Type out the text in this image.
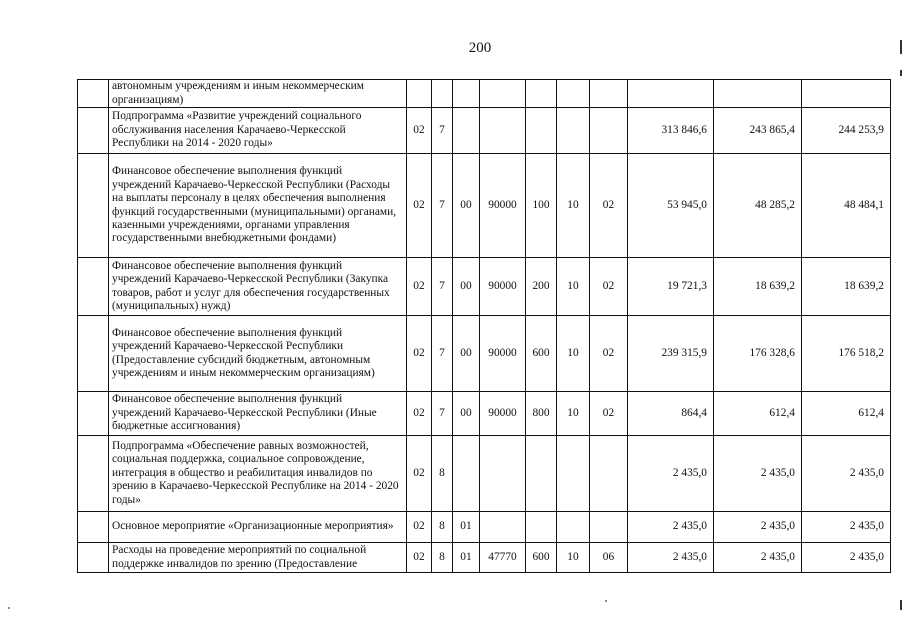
200
	автономным учреждениям и иным некоммерческим организациям)										
	Подпрограмма «Развитие учреждений социального обслуживания населения Карачаево-Черкесской Республики на 2014 - 2020 годы»	02	7						313 846,6	243 865,4	244 253,9
	Финансовое обеспечение выполнения функций учреждений Карачаево-Черкесской Республики (Расходы на выплаты персоналу в целях обеспечения выполнения функций государственными (муниципальными) органами, казенными учреждениями, органами управления государственными внебюджетными фондами)	02	7	00	90000	100	10	02	53 945,0	48 285,2	48 484,1
	Финансовое обеспечение выполнения функций учреждений Карачаево-Черкесской Республики (Закупка товаров, работ и услуг для обеспечения государственных (муниципальных) нужд)	02	7	00	90000	200	10	02	19 721,3	18 639,2	18 639,2
	Финансовое обеспечение выполнения функций учреждений Карачаево-Черкесской Республики (Предоставление субсидий бюджетным, автономным учреждениям и иным некоммерческим организациям)	02	7	00	90000	600	10	02	239 315,9	176 328,6	176 518,2
	Финансовое обеспечение выполнения функций учреждений Карачаево-Черкесской Республики (Иные бюджетные ассигнования)	02	7	00	90000	800	10	02	864,4	612,4	612,4
	Подпрограмма «Обеспечение равных возможностей, социальная поддержка, социальное сопровождение, интеграция в общество и реабилитация инвалидов по зрению в Карачаево-Черкесской Республике на 2014 - 2020 годы»	02	8						2 435,0	2 435,0	2 435,0
	Основное мероприятие «Организационные мероприятия»	02	8	01					2 435,0	2 435,0	2 435,0
	Расходы на проведение мероприятий по социальной поддержке инвалидов по зрению (Предоставление	02	8	01	47770	600	10	06	2 435,0	2 435,0	2 435,0
